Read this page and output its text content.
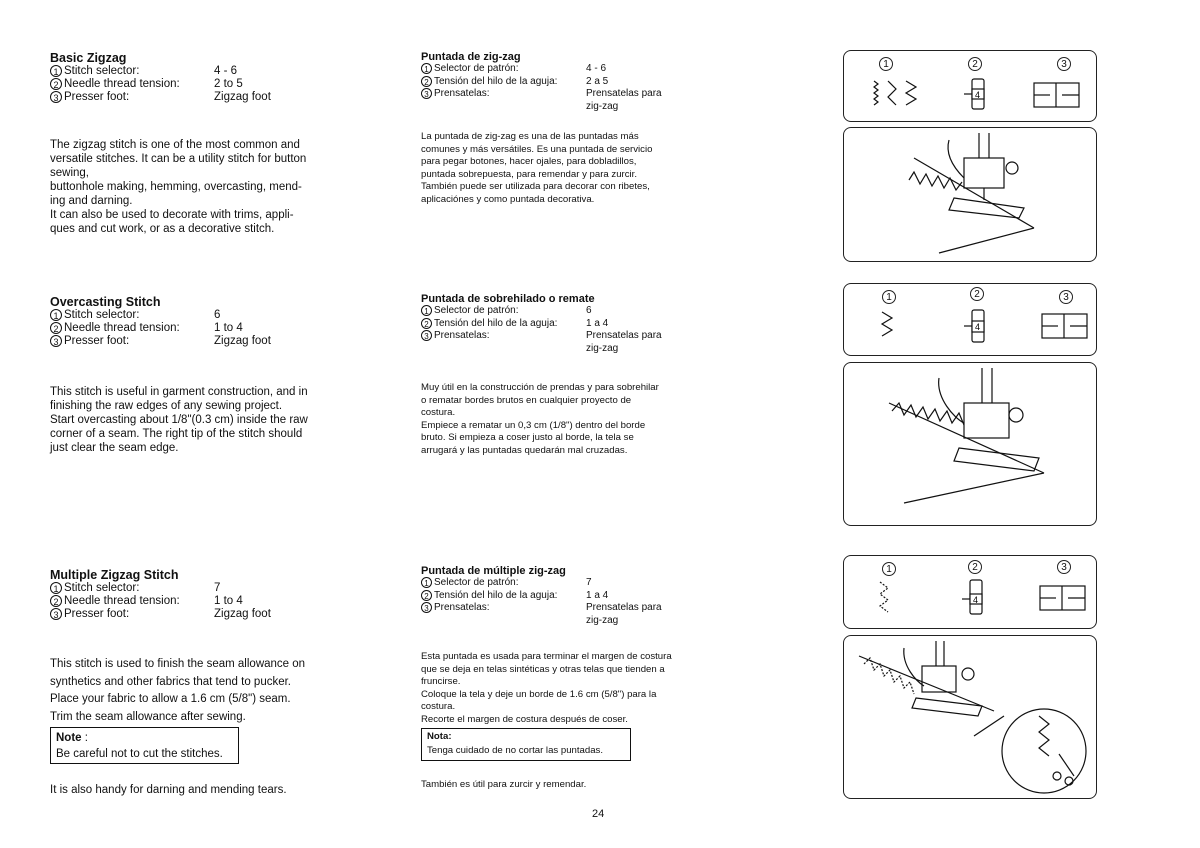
Basic Zigzag
1 Stitch selector:	4 - 6
2 Needle thread tension:	2 to 5
3 Presser foot:	Zigzag foot
The zigzag stitch is one of the most common and
versatile stitches. It can be a utility stitch for button
sewing,
buttonhole making, hemming, overcasting, mend-
ing and darning.
It can also be used to decorate with trims, appli-
ques and cut work, or as a decorative stitch.
Puntada de zig-zag
1 Selector de patrón:	4 - 6
2 Tensión del hilo de la aguja:	2 a 5
3 Prensatelas:	Prensatelas para
zig-zag
La puntada de zig-zag es una de las puntadas más
comunes y más versátiles. Es una puntada de servicio
para pegar botones, hacer ojales, para dobladillos,
puntada sobrepuesta, para remendar y para zurcir.
También puede ser utilizada para decorar con ribetes,
aplicaciónes y como puntada decorativa.
Overcasting Stitch
1 Stitch selector:	6
2 Needle thread tension:	1 to 4
3 Presser foot:	Zigzag foot
This stitch is useful in garment construction, and in
finishing the raw edges of any sewing project.
Start overcasting about 1/8"(0.3 cm) inside the raw
corner of a seam. The right tip of the stitch should
just clear the seam edge.
Puntada de sobrehilado o remate
1 Selector de patrón:	6
2 Tensión del hilo de la aguja:	1 a 4
3 Prensatelas:	Prensatelas para
zig-zag
Muy útil en la construcción de prendas y para sobrehilar
o rematar bordes brutos en cualquier proyecto de
costura.
Empiece a rematar un 0,3 cm (1/8") dentro del borde
bruto. Si empieza a coser justo al borde, la tela se
arrugará y las puntadas quedarán mal cruzadas.
Multiple Zigzag Stitch
1 Stitch selector:	7
2 Needle thread tension:	1 to 4
3 Presser foot:	Zigzag foot
This stitch is used to finish the seam allowance on
synthetics and other fabrics that tend to pucker.
Place your fabric to allow a 1.6 cm (5/8") seam.
Trim the seam allowance after sewing.
Note :
Be careful not to cut the stitches.
It is also handy for darning and mending tears.
Puntada de múltiple zig-zag
1 Selector de patrón:	7
2 Tensión del hilo de la aguja:	1 a 4
3 Prensatelas:	Prensatelas para
zig-zag
Esta puntada es usada para terminar el margen de costura
que se deja en telas sintéticas y otras telas que tienden a
fruncirse.
Coloque la tela y deje un borde de 1.6 cm (5/8") para la
costura.
Recorte el margen de costura después de coser.
Nota:
Tenga cuidado de no cortar las puntadas.
También es útil para zurcir y remendar.
1	2	3
4
1	2	3
4
1	2	3
4
24
